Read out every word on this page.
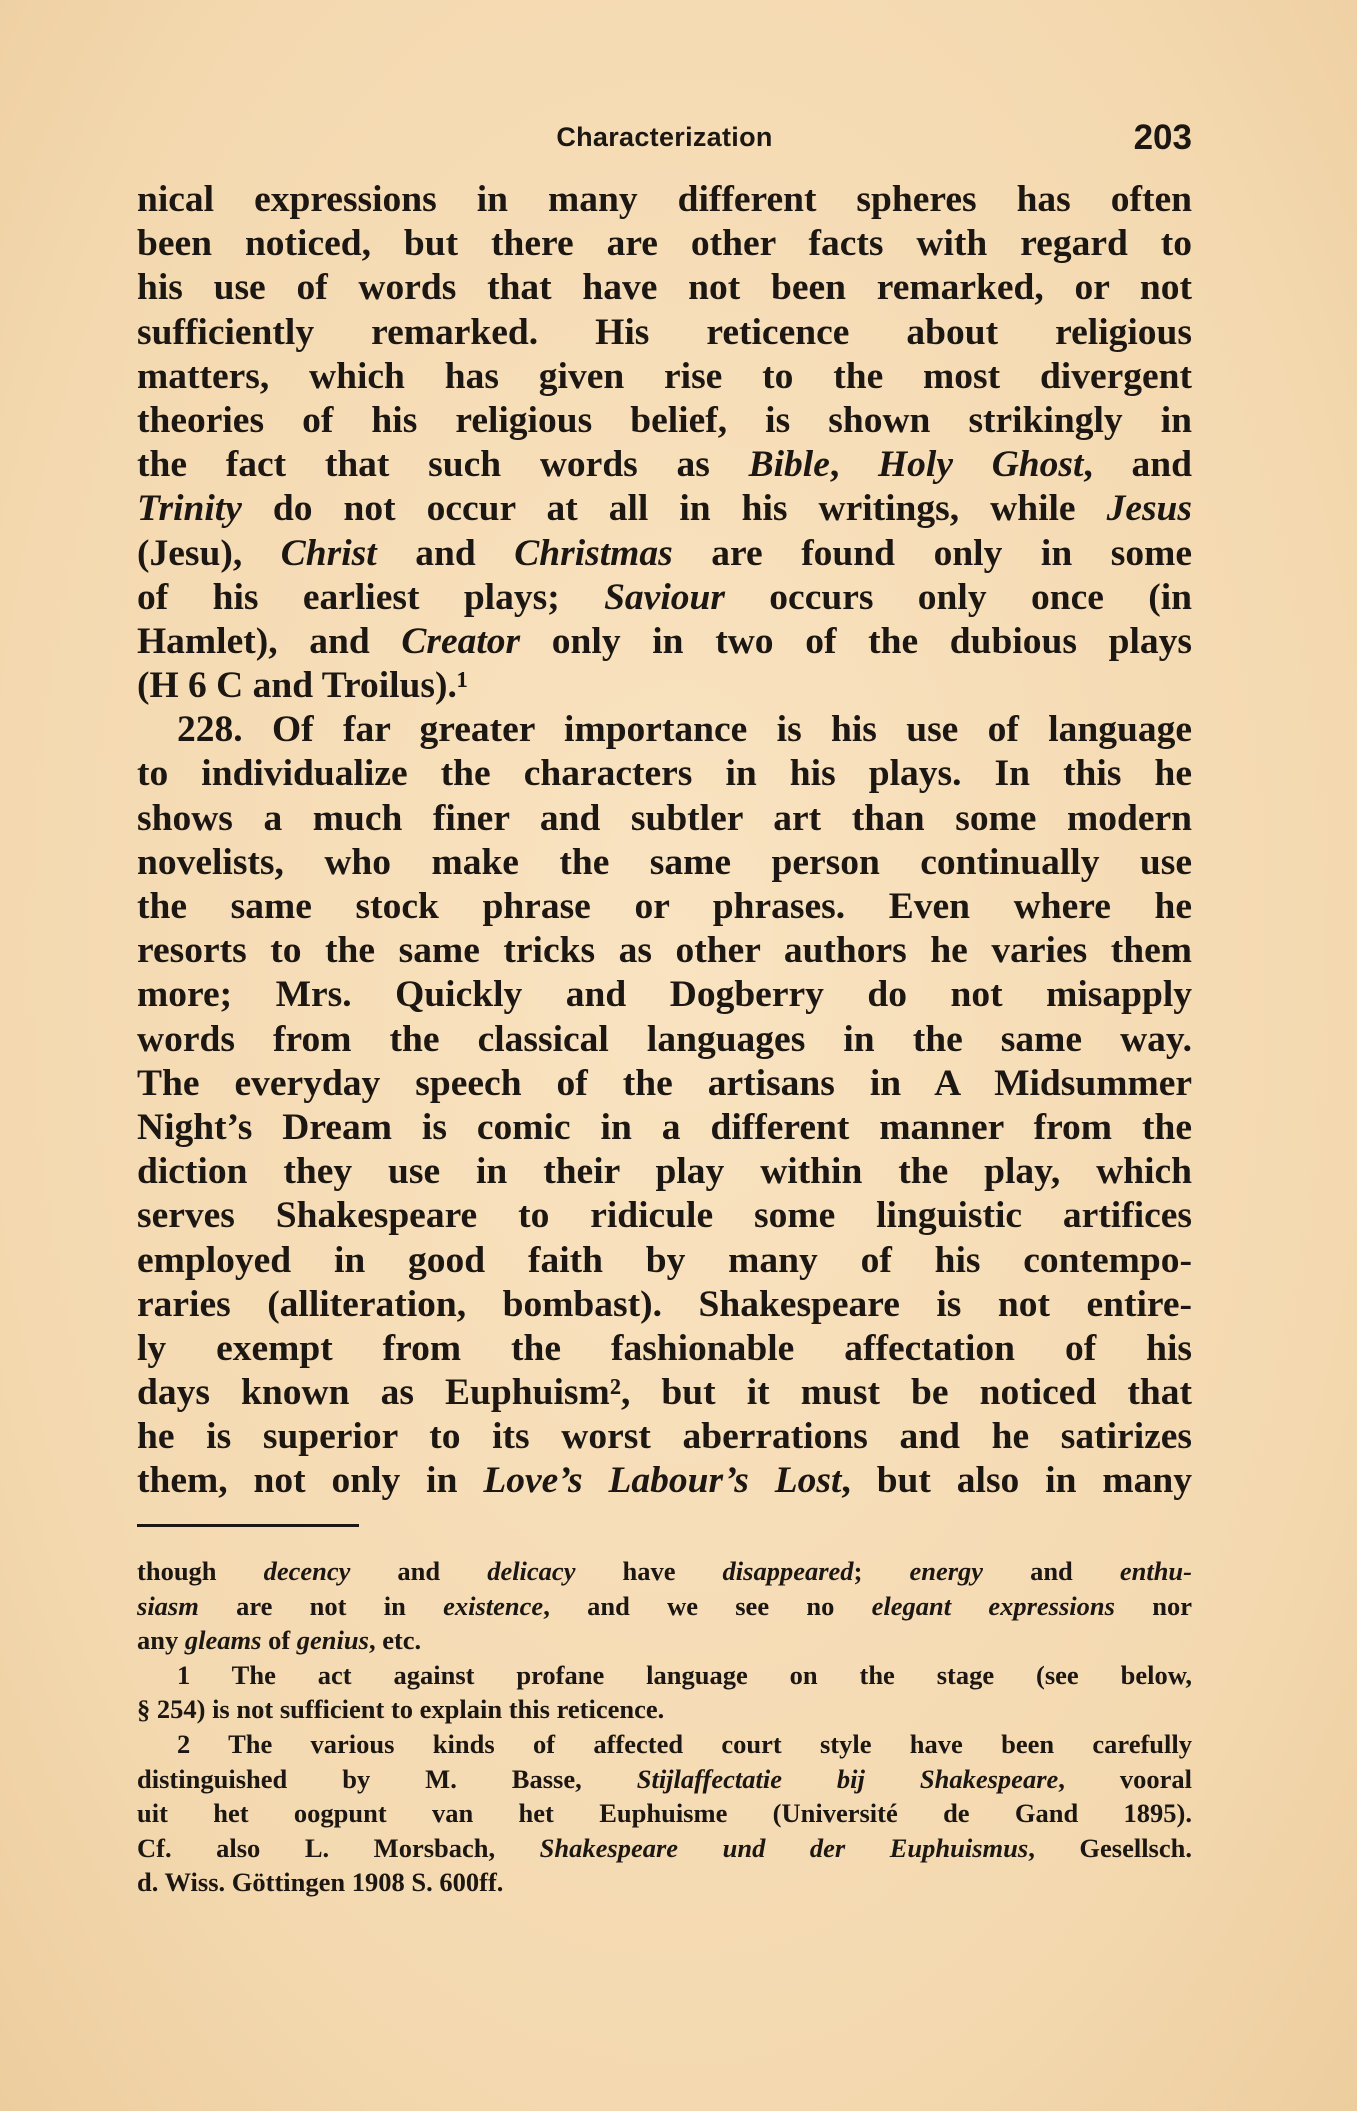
Characterization	203
nical expressions in many different spheres has often
been noticed, but there are other facts with regard to
his use of words that have not been remarked, or not
sufficiently remarked. His reticence about religious
matters, which has given rise to the most divergent
theories of his religious belief, is shown strikingly in
the fact that such words as Bible, Holy Ghost, and
Trinity do not occur at all in his writings, while Jesus
(Jesu), Christ and Christmas are found only in some
of his earliest plays; Saviour occurs only once (in
Hamlet), and Creator only in two of the dubious plays
(H 6 C and Troilus).¹
228. Of far greater importance is his use of language
to individualize the characters in his plays. In this he
shows a much finer and subtler art than some modern
novelists, who make the same person continually use
the same stock phrase or phrases. Even where he
resorts to the same tricks as other authors he varies them
more; Mrs. Quickly and Dogberry do not misapply
words from the classical languages in the same way.
The everyday speech of the artisans in A Midsummer
Night’s Dream is comic in a different manner from the
diction they use in their play within the play, which
serves Shakespeare to ridicule some linguistic artifices
employed in good faith by many of his contempo-
raries (alliteration, bombast). Shakespeare is not entire-
ly exempt from the fashionable affectation of his
days known as Euphuism², but it must be noticed that
he is superior to its worst aberrations and he satirizes
them, not only in Love’s Labour’s Lost, but also in many
though decency and delicacy have disappeared; energy and enthu-
siasm are not in existence, and we see no elegant expressions nor
any gleams of genius, etc.
1 The act against profane language on the stage (see below,
§ 254) is not sufficient to explain this reticence.
2 The various kinds of affected court style have been carefully
distinguished by M. Basse, Stijlaffectatie bij Shakespeare, vooral
uit het oogpunt van het Euphuisme (Université de Gand 1895).
Cf. also L. Morsbach, Shakespeare und der Euphuismus, Gesellsch.
d. Wiss. Göttingen 1908 S. 600ff.
